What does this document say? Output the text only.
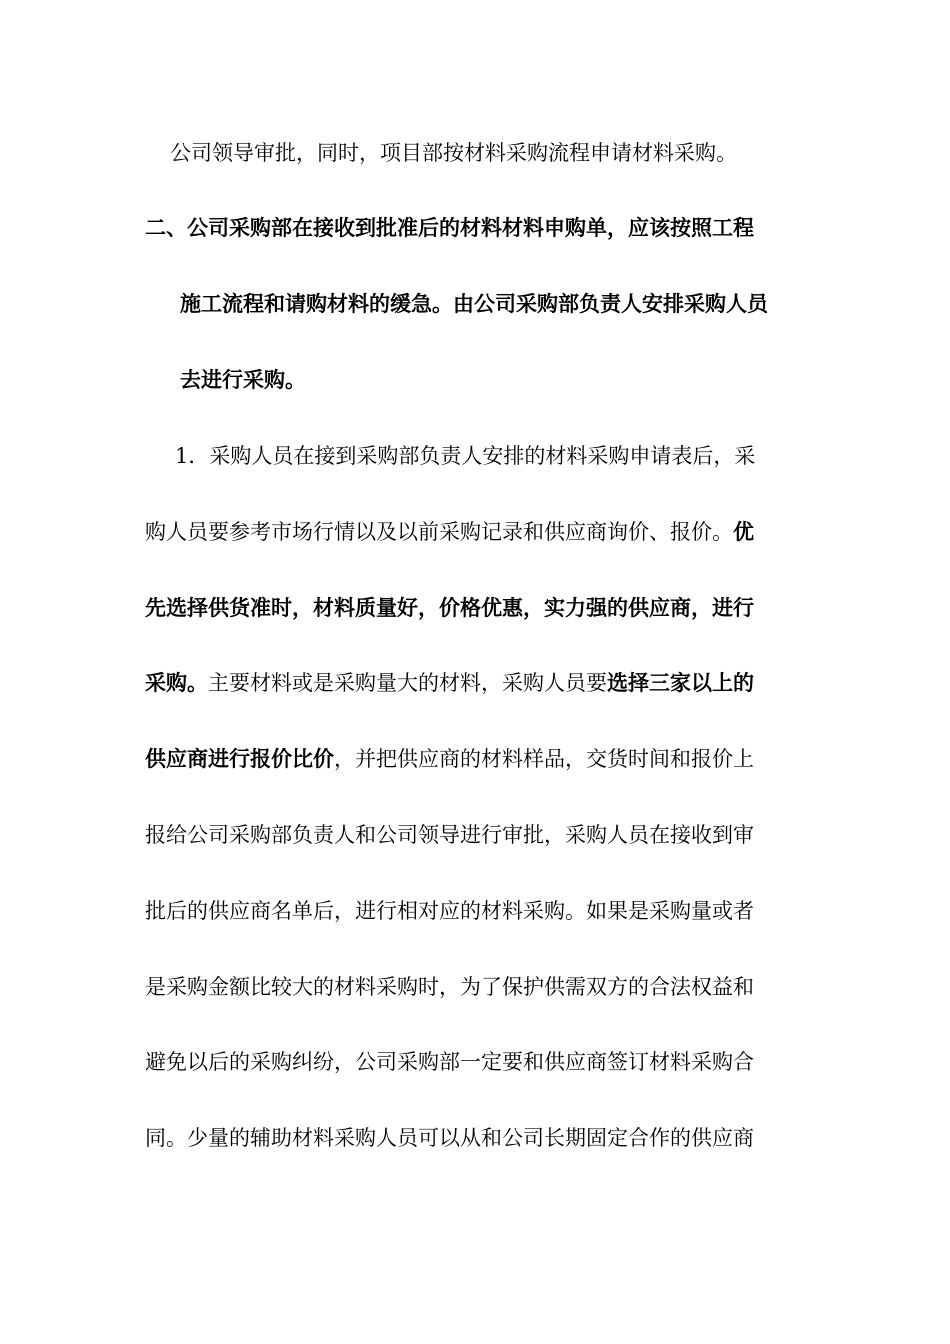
公司领导审批，同时，项目部按材料采购流程申请材料采购。
二、公司采购部在接收到批准后的材料材料申购单，应该按照工程
施工流程和请购材料的缓急。由公司采购部负责人安排采购人员
去进行采购。
1．采购人员在接到采购部负责人安排的材料采购申请表后，采
购人员要参考市场行情以及以前采购记录和供应商询价、报价。优
先选择供货准时，材料质量好，价格优惠，实力强的供应商，进行
采购。主要材料或是采购量大的材料，采购人员要选择三家以上的
供应商进行报价比价，并把供应商的材料样品，交货时间和报价上
报给公司采购部负责人和公司领导进行审批，采购人员在接收到审
批后的供应商名单后，进行相对应的材料采购。如果是采购量或者
是采购金额比较大的材料采购时，为了保护供需双方的合法权益和
避免以后的采购纠纷，公司采购部一定要和供应商签订材料采购合
同。少量的辅助材料采购人员可以从和公司长期固定合作的供应商
